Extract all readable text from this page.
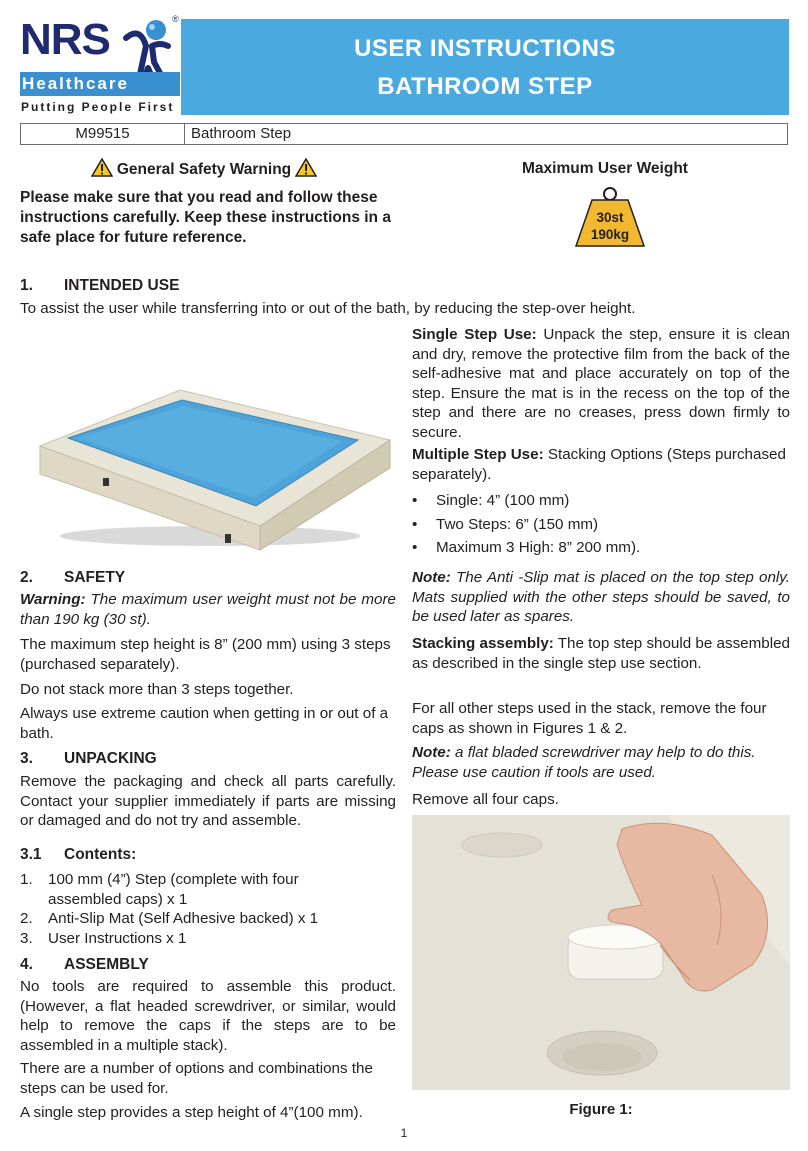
NRS	®
Healthcare
Putting People First
USER INSTRUCTIONS
BATHROOM STEP
M99515	Bathroom Step
General Safety Warning
Please make sure that you read and follow these instructions carefully. Keep these instructions in a safe place for future reference.
Maximum User Weight
30st
190kg
1. INTENDED USE
To assist the user while transferring into or out of the bath, by reducing the step-over height.
2. SAFETY
Warning: The maximum user weight must not be more than 190 kg (30 st).
The maximum step height is 8” (200 mm) using 3 steps (purchased separately).
Do not stack more than 3 steps together.
Always use extreme caution when getting in or out of a bath.
3. UNPACKING
Remove the packaging and check all parts carefully. Contact your supplier immediately if parts are missing or damaged and do not try and assemble.
3.1 Contents:
1.	100 mm (4”) Step (complete with four assembled caps) x 1
2.	Anti-Slip Mat (Self Adhesive backed) x 1
3.	User Instructions x 1
4. ASSEMBLY
No tools are required to assemble this product. (However, a flat headed screwdriver, or similar, would help to remove the caps if the steps are to be assembled in a multiple stack).
There are a number of options and combinations the steps can be used for.
A single step provides a step height of 4”(100 mm).
Single Step Use: Unpack the step, ensure it is clean and dry, remove the protective film from the back of the self-adhesive mat and place accurately on top of the step. Ensure the mat is in the recess on the top of the step and there are no creases, press down firmly to secure.
Multiple Step Use: Stacking Options (Steps purchased separately).
•	Single: 4” (100 mm)
•	Two Steps: 6” (150 mm)
•	Maximum 3 High: 8” 200 mm).
Note: The Anti -Slip mat is placed on the top step only. Mats supplied with the other steps should be saved, to be used later as spares.
Stacking assembly: The top step should be assembled as described in the single step use section.
For all other steps used in the stack, remove the four caps as shown in Figures 1 & 2.
Note: a flat bladed screwdriver may help to do this. Please use caution if tools are used.
Remove all four caps.
Figure 1:
1
